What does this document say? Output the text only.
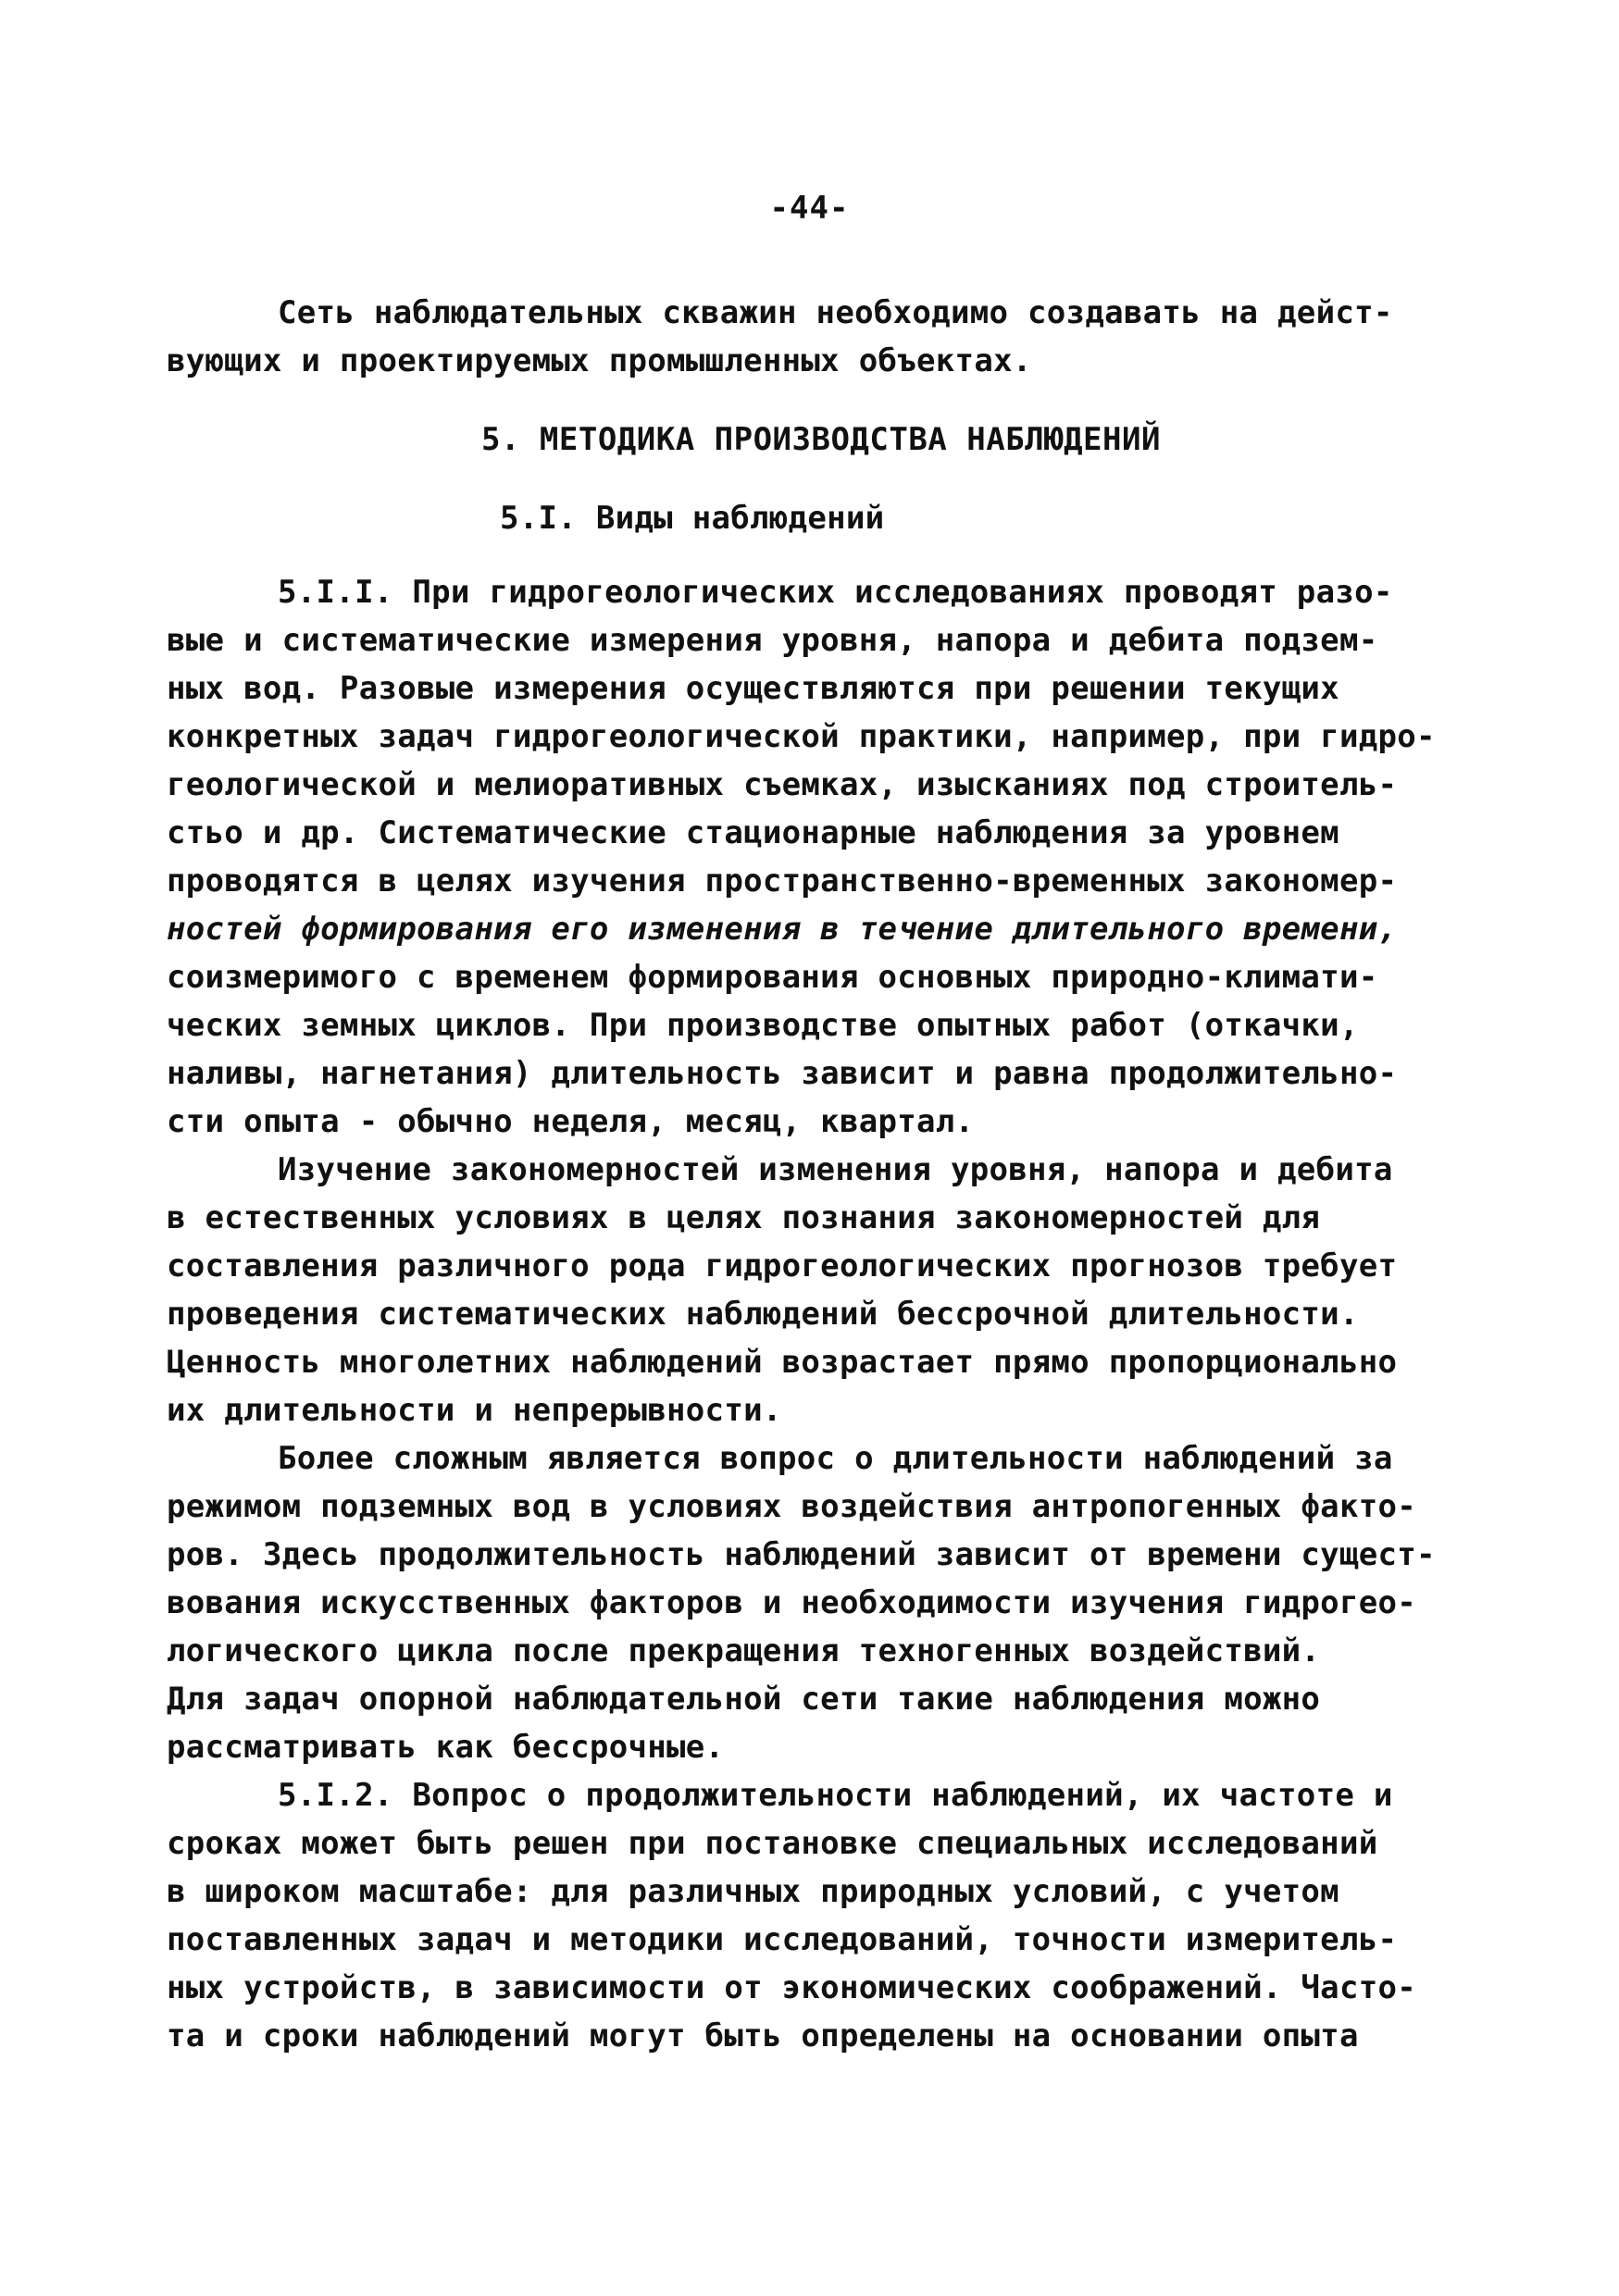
-44-
Сеть наблюдательных скважин необходимо создавать на дейст-
вующих и проектируемых промышленных объектах.
5. МЕТОДИКА ПРОИЗВОДСТВА НАБЛЮДЕНИЙ
5.I. Виды наблюдений
5.I.I. При гидрогеологических исследованиях проводят разо-
вые и систематические измерения уровня, напора и дебита подзем-
ных вод. Разовые измерения осуществляются при решении текущих
конкретных задач гидрогеологической практики, например, при гидро-
геологической и мелиоративных съемках, изысканиях под строитель-
стьо и др. Систематические стационарные наблюдения за уровнем
проводятся в целях изучения пространственно-временных закономер-
ностей формирования его изменения в течение длительного времени,
соизмеримого с временем формирования основных природно-климати-
ческих земных циклов. При производстве опытных работ (откачки,
наливы, нагнетания) длительность зависит и равна продолжительно-
сти опыта - обычно неделя, месяц, квартал.
Изучение закономерностей изменения уровня, напора и дебита
в естественных условиях в целях познания закономерностей для
составления различного рода гидрогеологических прогнозов требует
проведения систематических наблюдений бессрочной длительности.
Ценность многолетних наблюдений возрастает прямо пропорционально
их длительности и непрерывности.
Более сложным является вопрос о длительности наблюдений за
режимом подземных вод в условиях воздействия антропогенных факто-
ров. Здесь продолжительность наблюдений зависит от времени сущест-
вования искусственных факторов и необходимости изучения гидрогео-
логического цикла после прекращения техногенных воздействий.
Для задач опорной наблюдательной сети такие наблюдения можно
рассматривать как бессрочные.
5.I.2. Вопрос о продолжительности наблюдений, их частоте и
сроках может быть решен при постановке специальных исследований
в широком масштабе: для различных природных условий, с учетом
поставленных задач и методики исследований, точности измеритель-
ных устройств, в зависимости от экономических соображений. Часто-
та и сроки наблюдений могут быть определены на основании опыта
